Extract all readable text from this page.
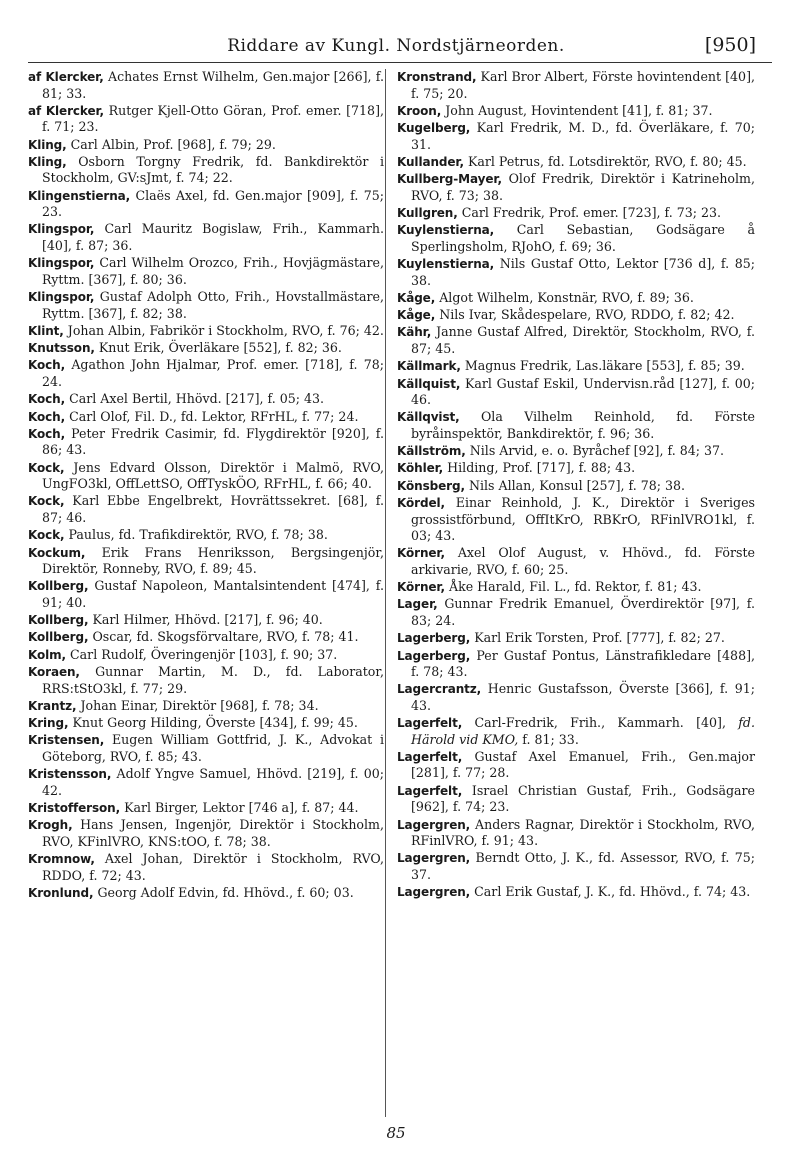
Riddare av Kungl. Nordstjärneorden.	[950]

af Klercker, Achates Ernst Wilhelm, Gen.major [266], f. 81; 33.

af Klercker, Rutger Kjell-Otto Göran, Prof. emer. [718], f. 71; 23.

Kling, Carl Albin, Prof. [968], f. 79; 29.

Kling, Osborn Torgny Fredrik, fd. Bankdirektör i Stockholm, GV:sJmt, f. 74; 22.

Klingenstierna, Claës Axel, fd. Gen.major [909], f. 75; 23.

Klingspor, Carl Mauritz Bogislaw, Frih., Kammarh. [40], f. 87; 36.

Klingspor, Carl Wilhelm Orozco, Frih., Hovjägmästare, Ryttm. [367], f. 80; 36.

Klingspor, Gustaf Adolph Otto, Frih., Hovstallmästare, Ryttm. [367], f. 82; 38.

Klint, Johan Albin, Fabrikör i Stockholm, RVO, f. 76; 42.

Knutsson, Knut Erik, Överläkare [552], f. 82; 36.

Koch, Agathon John Hjalmar, Prof. emer. [718], f. 78; 24.

Koch, Carl Axel Bertil, Hhövd. [217], f. 05; 43.

Koch, Carl Olof, Fil. D., fd. Lektor, RFrHL, f. 77; 24.

Koch, Peter Fredrik Casimir, fd. Flygdirektör [920], f. 86; 43.

Kock, Jens Edvard Olsson, Direktör i Malmö, RVO, UngFO3kl, OffLettSO, OffTyskÖO, RFrHL, f. 66; 40.

Kock, Karl Ebbe Engelbrekt, Hovrättssekret. [68], f. 87; 46.

Kock, Paulus, fd. Trafikdirektör, RVO, f. 78; 38.

Kockum, Erik Frans Henriksson, Bergsingenjör, Direktör, Ronneby, RVO, f. 89; 45.

Kollberg, Gustaf Napoleon, Mantalsintendent [474], f. 91; 40.

Kollberg, Karl Hilmer, Hhövd. [217], f. 96; 40.

Kollberg, Oscar, fd. Skogsförvaltare, RVO, f. 78; 41.

Kolm, Carl Rudolf, Överingenjör [103], f. 90; 37.

Koraen, Gunnar Martin, M. D., fd. Laborator, RRS:tStO3kl, f. 77; 29.

Krantz, Johan Einar, Direktör [968], f. 78; 34.

Kring, Knut Georg Hilding, Överste [434], f. 99; 45.

Kristensen, Eugen William Gottfrid, J. K., Advokat i Göteborg, RVO, f. 85; 43.

Kristensson, Adolf Yngve Samuel, Hhövd. [219], f. 00; 42.

Kristofferson, Karl Birger, Lektor [746 a], f. 87; 44.

Krogh, Hans Jensen, Ingenjör, Direktör i Stockholm, RVO, KFinlVRO, KNS:tOO, f. 78; 38.

Kromnow, Axel Johan, Direktör i Stockholm, RVO, RDDO, f. 72; 43.

Kronlund, Georg Adolf Edvin, fd. Hhövd., f. 60; 03.

Kronstrand, Karl Bror Albert, Förste hovintendent [40], f. 75; 20.

Kroon, John August, Hovintendent [41], f. 81; 37.

Kugelberg, Karl Fredrik, M. D., fd. Överläkare, f. 70; 31.

Kullander, Karl Petrus, fd. Lotsdirektör, RVO, f. 80; 45.

Kullberg-Mayer, Olof Fredrik, Direktör i Katrineholm, RVO, f. 73; 38.

Kullgren, Carl Fredrik, Prof. emer. [723], f. 73; 23.

Kuylenstierna, Carl Sebastian, Godsägare å Sperlingsholm, RJohO, f. 69; 36.

Kuylenstierna, Nils Gustaf Otto, Lektor [736 d], f. 85; 38.

Kåge, Algot Wilhelm, Konstnär, RVO, f. 89; 36.

Kåge, Nils Ivar, Skådespelare, RVO, RDDO, f. 82; 42.

Kähr, Janne Gustaf Alfred, Direktör, Stockholm, RVO, f. 87; 45.

Källmark, Magnus Fredrik, Las.läkare [553], f. 85; 39.

Källquist, Karl Gustaf Eskil, Undervisn.råd [127], f. 00; 46.

Källqvist, Ola Vilhelm Reinhold, fd. Förste byråinspektör, Bankdirektör, f. 96; 36.

Källström, Nils Arvid, e. o. Byråchef [92], f. 84; 37.

Köhler, Hilding, Prof. [717], f. 88; 43.

Könsberg, Nils Allan, Konsul [257], f. 78; 38.

Kördel, Einar Reinhold, J. K., Direktör i Sveriges grossistförbund, OffItKrO, RBKrO, RFinlVRO1kl, f. 03; 43.

Körner, Axel Olof August, v. Hhövd., fd. Förste arkivarie, RVO, f. 60; 25.

Körner, Åke Harald, Fil. L., fd. Rektor, f. 81; 43.

Lager, Gunnar Fredrik Emanuel, Överdirektör [97], f. 83; 24.

Lagerberg, Karl Erik Torsten, Prof. [777], f. 82; 27.

Lagerberg, Per Gustaf Pontus, Länstrafikledare [488], f. 78; 43.

Lagercrantz, Henric Gustafsson, Överste [366], f. 91; 43.

Lagerfelt, Carl-Fredrik, Frih., Kammarh. [40], fd. Härold vid KMO, f. 81; 33.

Lagerfelt, Gustaf Axel Emanuel, Frih., Gen.major [281], f. 77; 28.

Lagerfelt, Israel Christian Gustaf, Frih., Godsägare [962], f. 74; 23.

Lagergren, Anders Ragnar, Direktör i Stockholm, RVO, RFinlVRO, f. 91; 43.

Lagergren, Berndt Otto, J. K., fd. Assessor, RVO, f. 75; 37.

Lagergren, Carl Erik Gustaf, J. K., fd. Hhövd., f. 74; 43.

85
